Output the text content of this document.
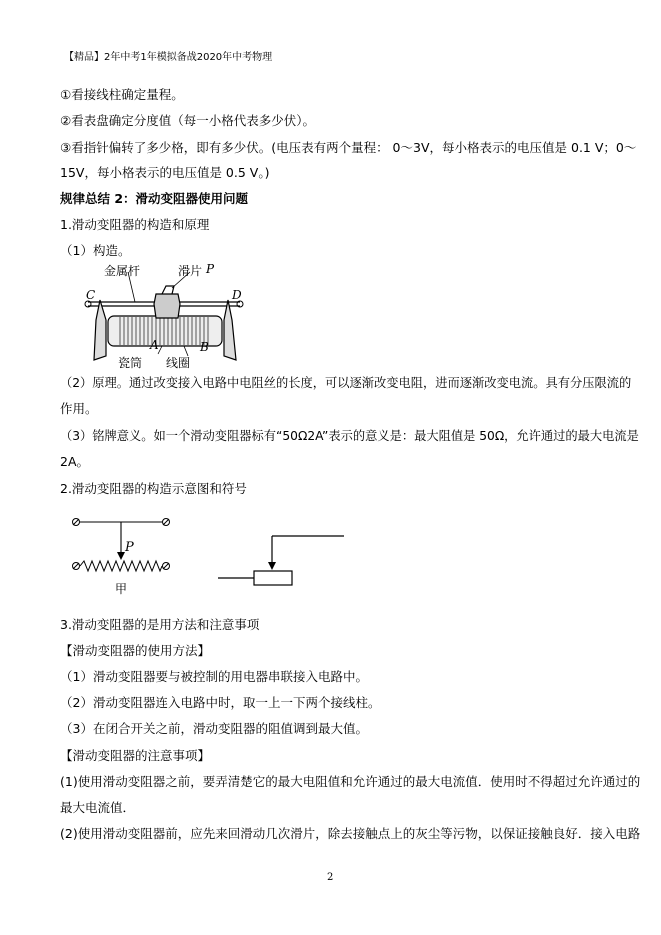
【精品】2年中考1年模拟备战2020年中考物理
①看接线柱确定量程。
②看表盘确定分度值（每一小格代表多少伏）。
③看指针偏转了多少格，即有多少伏。(电压表有两个量程： 0～3V，每小格表示的电压值是 0.1 V；0～
15V，每小格表示的电压值是 0.5 V。)
规律总结 2：滑动变阻器使用问题
1.滑动变阻器的构造和原理
（1）构造。
金属杆	滑片 P
C	D
A	B
瓷筒 线圈
（2）原理。通过改变接入电路中电阻丝的长度，可以逐渐改变电阻，进而逐渐改变电流。具有分压限流的
作用。
（3）铭牌意义。如一个滑动变阻器标有“50Ω2A”表示的意义是：最大阻值是 50Ω，允许通过的最大电流是
2A。
2.滑动变阻器的构造示意图和符号
P
甲
3.滑动变阻器的是用方法和注意事项
【滑动变阻器的使用方法】
（1）滑动变阻器要与被控制的用电器串联接入电路中。
（2）滑动变阻器连入电路中时，取一上一下两个接线柱。
（3）在闭合开关之前，滑动变阻器的阻值调到最大值。
【滑动变阻器的注意事项】
(1)使用滑动变阻器之前，要弄清楚它的最大电阻值和允许通过的最大电流值．使用时不得超过允许通过的
最大电流值．
(2)使用滑动变阻器前，应先来回滑动几次滑片，除去接触点上的灰尘等污物，以保证接触良好．接入电路
2
